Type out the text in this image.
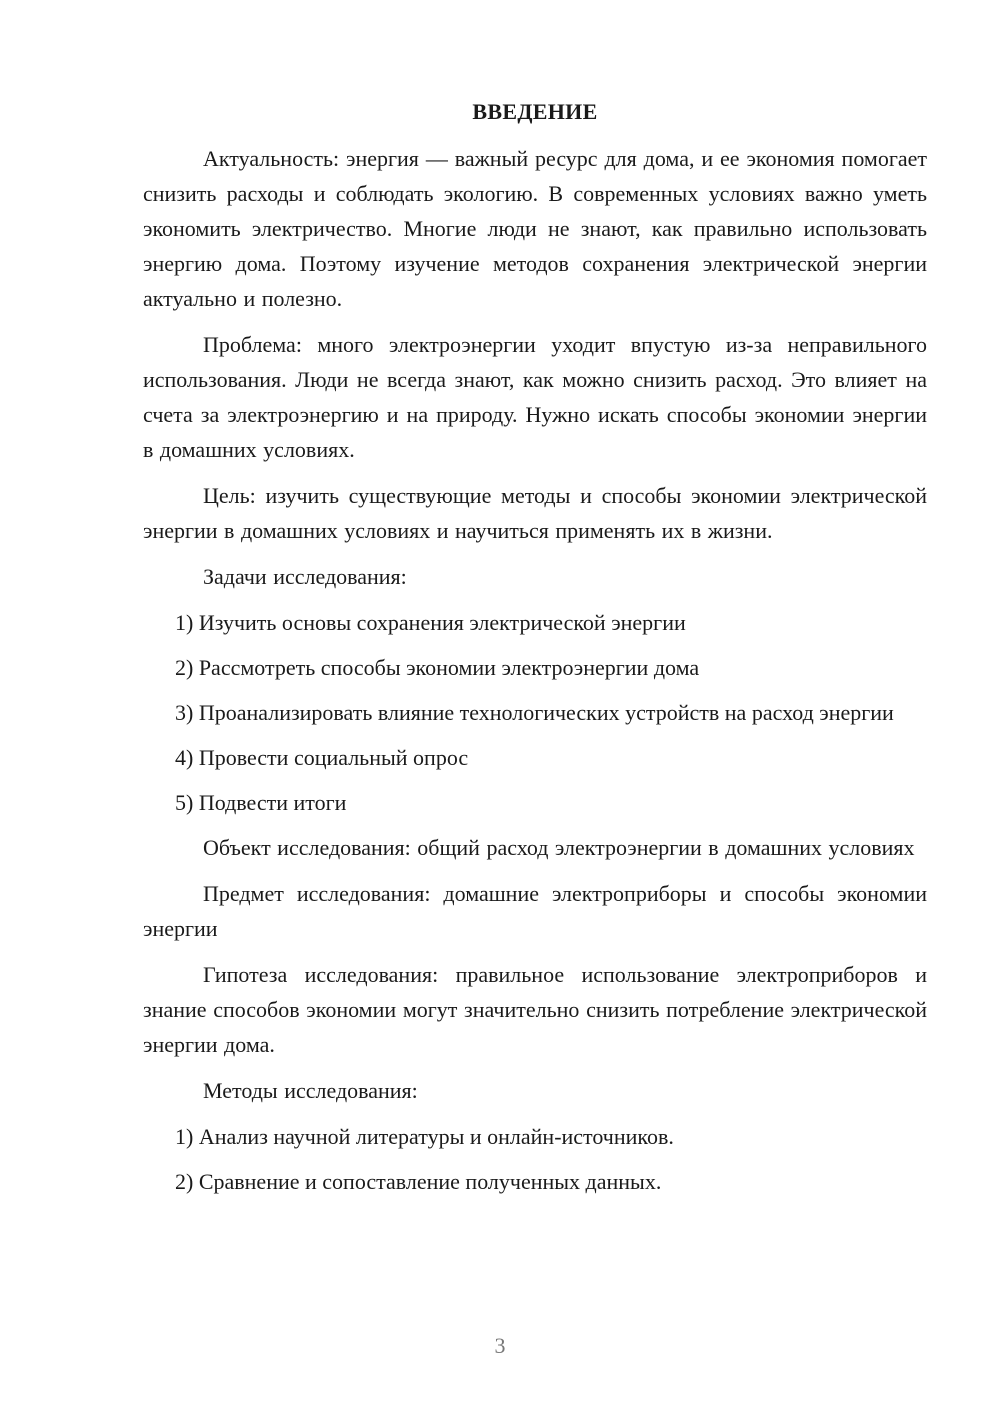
ВВЕДЕНИЕ

Актуальность: энергия — важный ресурс для дома, и ее экономия помогает снизить расходы и соблюдать экологию. В современных условиях важно уметь экономить электричество. Многие люди не знают, как правильно использовать энергию дома. Поэтому изучение методов сохранения электрической энергии актуально и полезно.

Проблема: много электроэнергии уходит впустую из-за неправильного использования. Люди не всегда знают, как можно снизить расход. Это влияет на счета за электроэнергию и на природу. Нужно искать способы экономии энергии в домашних условиях.

Цель: изучить существующие методы и способы экономии электрической энергии в домашних условиях и научиться применять их в жизни.

Задачи исследования:

1) Изучить основы сохранения электрической энергии

2) Рассмотреть способы экономии электроэнергии дома

3) Проанализировать влияние технологических устройств на расход энергии

4) Провести социальный опрос

5) Подвести итоги

Объект исследования: общий расход электроэнергии в домашних условиях

Предмет исследования: домашние электроприборы и способы экономии энергии

Гипотеза исследования: правильное использование электроприборов и знание способов экономии могут значительно снизить потребление электрической энергии дома.

Методы исследования:

1) Анализ научной литературы и онлайн-источников.

2) Сравнение и сопоставление полученных данных.

3
